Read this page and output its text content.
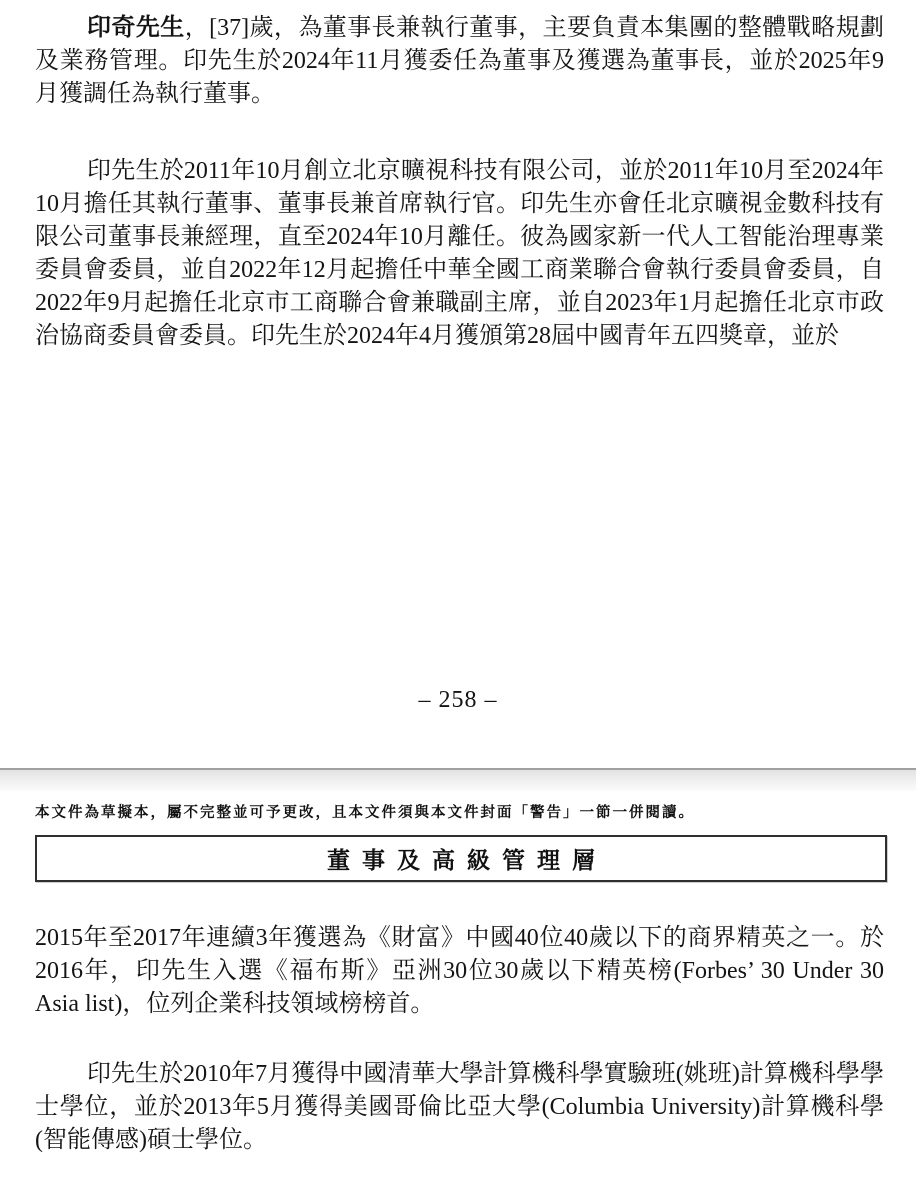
印奇先生，[37]歲，為董事長兼執行董事，主要負責本集團的整體戰略規劃及業務管理。印先生於2024年11月獲委任為董事及獲選為董事長，並於2025年9月獲調任為執行董事。

印先生於2011年10月創立北京曠視科技有限公司，並於2011年10月至2024年10月擔任其執行董事、董事長兼首席執行官。印先生亦會任北京曠視金數科技有限公司董事長兼經理，直至2024年10月離任。彼為國家新一代人工智能治理專業委員會委員，並自2022年12月起擔任中華全國工商業聯合會執行委員會委員，自2022年9月起擔任北京市工商聯合會兼職副主席，並自2023年1月起擔任北京市政治協商委員會委員。印先生於2024年4月獲頒第28屆中國青年五四獎章，並於

– 258 –

本文件為草擬本，屬不完整並可予更改，且本文件須與本文件封面「警告」一節一併閱讀。

董事及高級管理層

2015年至2017年連續3年獲選為《財富》中國40位40歲以下的商界精英之一。於2016年，印先生入選《福布斯》亞洲30位30歲以下精英榜(Forbes’ 30 Under 30 Asia list)，位列企業科技領域榜榜首。

印先生於2010年7月獲得中國清華大學計算機科學實驗班(姚班)計算機科學學士學位，並於2013年5月獲得美國哥倫比亞大學(Columbia University)計算機科學(智能傳感)碩士學位。
